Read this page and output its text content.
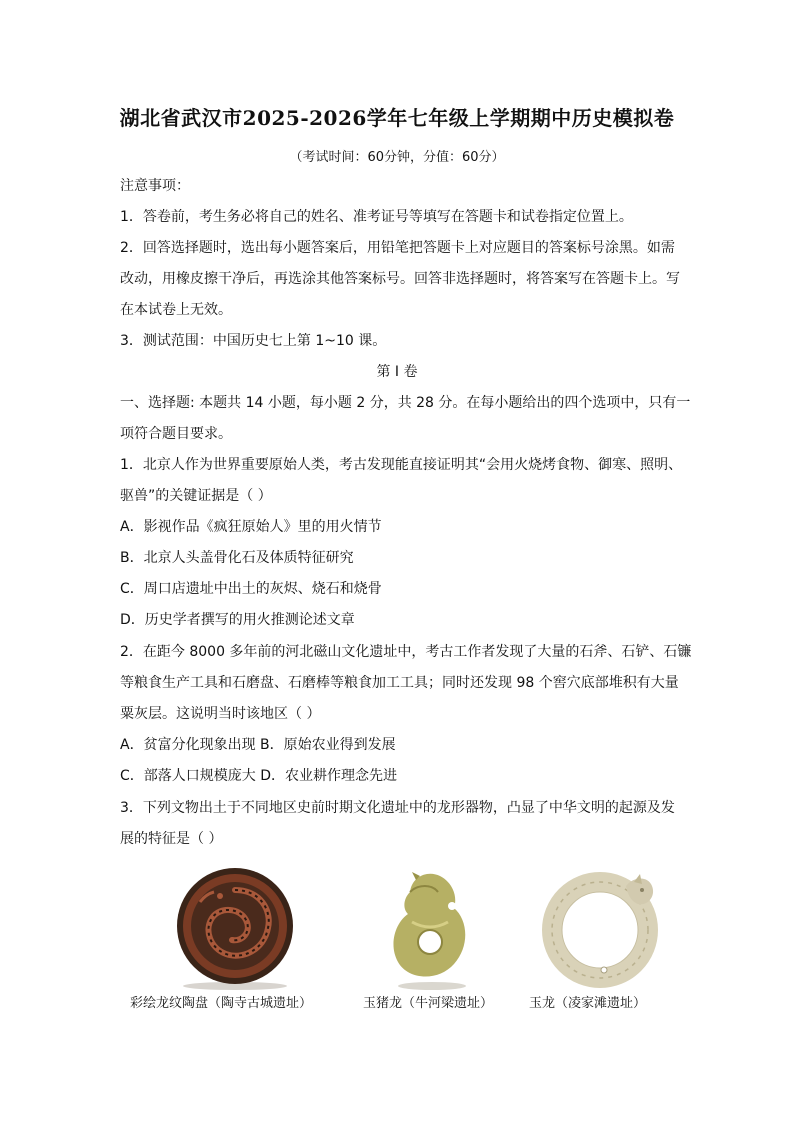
湖北省武汉市2025-2026学年七年级上学期期中历史模拟卷
（考试时间：60分钟，分值：60分）
注意事项：
1．答卷前，考生务必将自己的姓名、准考证号等填写在答题卡和试卷指定位置上。
2．回答选择题时，选出每小题答案后，用铅笔把答题卡上对应题目的答案标号涂黑。如需
改动，用橡皮擦干净后，再选涂其他答案标号。回答非选择题时，将答案写在答题卡上。写
在本试卷上无效。
3．测试范围：中国历史七上第 1~10 课。
第 I 卷
一、选择题: 本题共 14 小题，每小题 2 分，共 28 分。在每小题给出的四个选项中，只有一
项符合题目要求。
1．北京人作为世界重要原始人类，考古发现能直接证明其“会用火烧烤食物、御寒、照明、
驱兽”的关键证据是（ ）
A．影视作品《疯狂原始人》里的用火情节
B．北京人头盖骨化石及体质特征研究
C．周口店遗址中出土的灰烬、烧石和烧骨
D．历史学者撰写的用火推测论述文章
2．在距今 8000 多年前的河北磁山文化遗址中，考古工作者发现了大量的石斧、石铲、石镰
等粮食生产工具和石磨盘、石磨棒等粮食加工工具；同时还发现 98 个窖穴底部堆积有大量
粟灰层。这说明当时该地区（ ）
A．贫富分化现象出现 B．原始农业得到发展
C．部落人口规模庞大 D．农业耕作理念先进
3．下列文物出土于不同地区史前时期文化遗址中的龙形器物，凸显了中华文明的起源及发
展的特征是（ ）
彩绘龙纹陶盘（陶寺古城遗址）	玉猪龙（牛河梁遗址）	玉龙（凌家滩遗址）
